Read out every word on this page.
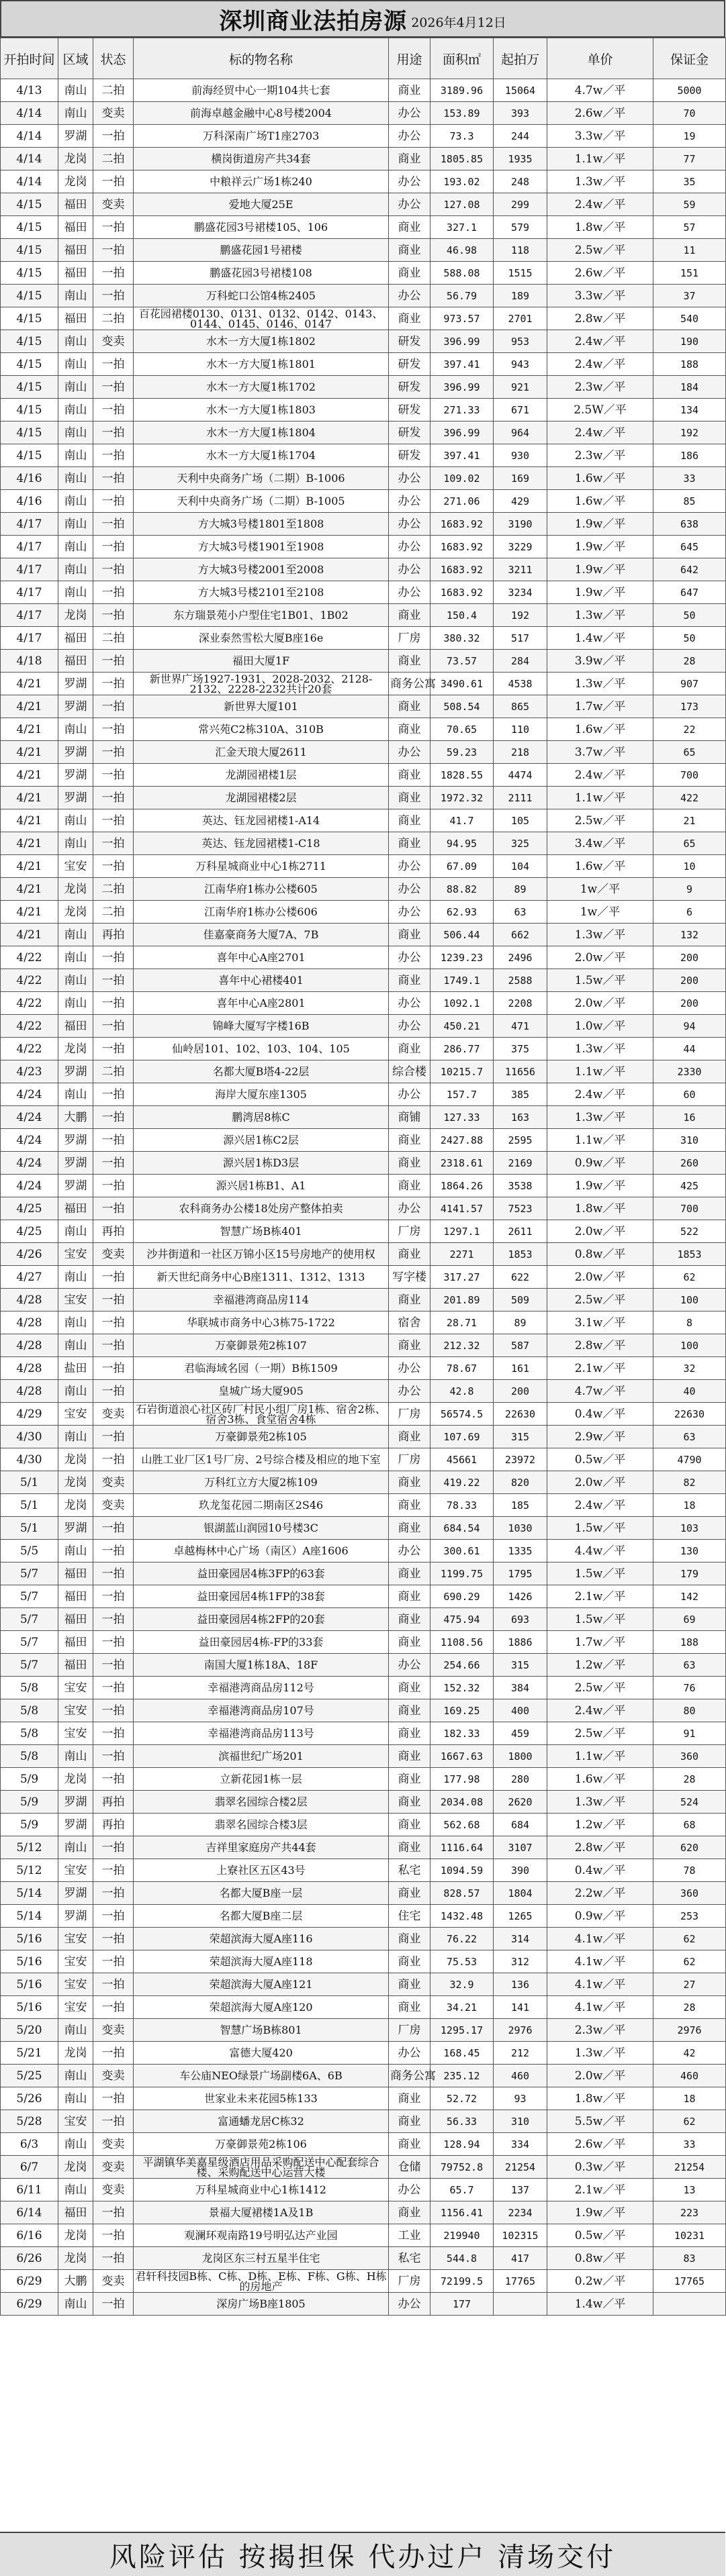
深圳商业法拍房源 2026年4月12日
开拍时间	区域	状态	标的物名称	用途	面积㎡	起拍万	单价	保证金
4/13	南山	二拍	前海经贸中心一期104共七套	商业	3189.96	15064	4.7w／平	5000
4/14	南山	变卖	前海卓越金融中心8号楼2004	办公	153.89	393	2.6w／平	70
4/14	罗湖	一拍	万科深南广场T1座2703	办公	73.3	244	3.3w／平	19
4/14	龙岗	二拍	横岗街道房产共34套	商业	1805.85	1935	1.1w／平	77
4/14	龙岗	一拍	中粮祥云广场1栋240	办公	193.02	248	1.3w／平	35
4/15	福田	变卖	爱地大厦25E	办公	127.08	299	2.4w／平	59
4/15	福田	一拍	鹏盛花园3号裙楼105、106	商业	327.1	579	1.8w／平	57
4/15	福田	一拍	鹏盛花园1号裙楼	商业	46.98	118	2.5w／平	11
4/15	福田	一拍	鹏盛花园3号裙楼108	商业	588.08	1515	2.6w／平	151
4/15	南山	一拍	万科蛇口公馆4栋2405	办公	56.79	189	3.3w／平	37
4/15	福田	二拍	百花园裙楼0130、0131、0132、0142、0143、0144、0145、0146、0147	商业	973.57	2701	2.8w／平	540
4/15	南山	变卖	水木一方大厦1栋1802	研发	396.99	953	2.4w／平	190
4/15	南山	一拍	水木一方大厦1栋1801	研发	397.41	943	2.4w／平	188
4/15	南山	一拍	水木一方大厦1栋1702	研发	396.99	921	2.3w／平	184
4/15	南山	一拍	水木一方大厦1栋1803	研发	271.33	671	2.5W／平	134
4/15	南山	一拍	水木一方大厦1栋1804	研发	396.99	964	2.4w／平	192
4/15	南山	一拍	水木一方大厦1栋1704	研发	397.41	930	2.3w／平	186
4/16	南山	一拍	天利中央商务广场（二期）B-1006	办公	109.02	169	1.6w／平	33
4/16	南山	一拍	天利中央商务广场（二期）B-1005	办公	271.06	429	1.6w／平	85
4/17	南山	一拍	方大城3号楼1801至1808	办公	1683.92	3190	1.9w／平	638
4/17	南山	一拍	方大城3号楼1901至1908	办公	1683.92	3229	1.9w／平	645
4/17	南山	一拍	方大城3号楼2001至2008	办公	1683.92	3211	1.9w／平	642
4/17	南山	一拍	方大城3号楼2101至2108	办公	1683.92	3234	1.9w／平	647
4/17	龙岗	一拍	东方瑞景苑小户型住宅1B01、1B02	商业	150.4	192	1.3w／平	50
4/17	福田	二拍	深业泰然雪松大厦B座16e	厂房	380.32	517	1.4w／平	50
4/18	福田	一拍	福田大厦1F	商业	73.57	284	3.9w／平	28
4/21	罗湖	一拍	新世界广场1927-1931、2028-2032、2128-2132、2228-2232共计20套	商务公寓	3490.61	4538	1.3w／平	907
4/21	罗湖	一拍	新世界大厦101	商业	508.54	865	1.7w／平	173
4/21	南山	一拍	常兴苑C2栋310A、310B	商业	70.65	110	1.6w／平	22
4/21	罗湖	一拍	汇金天琅大厦2611	办公	59.23	218	3.7w／平	65
4/21	罗湖	一拍	龙湖园裙楼1层	商业	1828.55	4474	2.4w／平	700
4/21	罗湖	一拍	龙湖园裙楼2层	商业	1972.32	2111	1.1w／平	422
4/21	南山	一拍	英达、钰龙园裙楼1-A14	商业	41.7	105	2.5w／平	21
4/21	南山	一拍	英达、钰龙园裙楼1-C18	商业	94.95	325	3.4w／平	65
4/21	宝安	一拍	万科星城商业中心1栋2711	办公	67.09	104	1.6w／平	10
4/21	龙岗	二拍	江南华府1栋办公楼605	办公	88.82	89	1w／平	9
4/21	龙岗	二拍	江南华府1栋办公楼606	办公	62.93	63	1w／平	6
4/21	南山	再拍	佳嘉豪商务大厦7A、7B	商业	506.44	662	1.3w／平	132
4/22	南山	一拍	喜年中心A座2701	办公	1239.23	2496	2.0w／平	200
4/22	南山	一拍	喜年中心裙楼401	商业	1749.1	2588	1.5w／平	200
4/22	南山	一拍	喜年中心A座2801	办公	1092.1	2208	2.0w／平	200
4/22	福田	一拍	锦峰大厦写字楼16B	办公	450.21	471	1.0w／平	94
4/22	龙岗	一拍	仙岭居101、102、103、104、105	商业	286.77	375	1.3w／平	44
4/23	罗湖	二拍	名都大厦B塔4-22层	综合楼	10215.7	11656	1.1w／平	2330
4/24	南山	一拍	海岸大厦东座1305	办公	157.7	385	2.4w／平	60
4/24	大鹏	一拍	鹏湾居8栋C	商铺	127.33	163	1.3w／平	16
4/24	罗湖	一拍	源兴居1栋C2层	商业	2427.88	2595	1.1w／平	310
4/24	罗湖	一拍	源兴居1栋D3层	商业	2318.61	2169	0.9w／平	260
4/24	罗湖	一拍	源兴居1栋B1、A1	商业	1864.26	3538	1.9w／平	425
4/25	福田	一拍	农科商务办公楼18处房产整体拍卖	办公	4141.57	7523	1.8w／平	700
4/25	南山	再拍	智慧广场B栋401	厂房	1297.1	2611	2.0w／平	522
4/26	宝安	变卖	沙井街道和一社区万锦小区15号房地产的使用权	商业	2271	1853	0.8w／平	1853
4/27	南山	一拍	新天世纪商务中心B座1311、1312、1313	写字楼	317.27	622	2.0w／平	62
4/28	宝安	一拍	幸福港湾商品房114	商业	201.89	509	2.5w／平	100
4/28	南山	一拍	华联城市商务中心3栋75-1722	宿舍	28.71	89	3.1w／平	8
4/28	南山	一拍	万豪御景苑2栋107	商业	212.32	587	2.8w／平	100
4/28	盐田	一拍	君临海域名园（一期）B栋1509	办公	78.67	161	2.1w／平	32
4/28	南山	一拍	皇城广场大厦905	办公	42.8	200	4.7w／平	40
4/29	宝安	变卖	石岩街道浪心社区砖厂村民小组厂房1栋、宿舍2栋、宿舍3栋、食堂宿舍4栋	厂房	56574.5	22630	0.4w／平	22630
4/30	南山	一拍	万豪御景苑2栋105	商业	107.69	315	2.9w／平	63
4/30	龙岗	一拍	山胜工业厂区1号厂房、2号综合楼及相应的地下室	厂房	45661	23972	0.5w／平	4790
5/1	龙岗	变卖	万科红立方大厦2栋109	商业	419.22	820	2.0w／平	82
5/1	龙岗	变卖	玖龙玺花园二期南区2S46	商业	78.33	185	2.4w／平	18
5/1	罗湖	一拍	银湖蓝山润园10号楼3C	商业	684.54	1030	1.5w／平	103
5/5	南山	一拍	卓越梅林中心广场（南区）A座1606	办公	300.61	1335	4.4w／平	130
5/7	福田	一拍	益田豪园居4栋3FP的63套	商业	1199.75	1795	1.5w／平	179
5/7	福田	一拍	益田豪园居4栋1FP的38套	商业	690.29	1426	2.1w／平	142
5/7	福田	一拍	益田豪园居4栋2FP的20套	商业	475.94	693	1.5w／平	69
5/7	福田	一拍	益田豪园居4栋-FP的33套	商业	1108.56	1886	1.7w／平	188
5/7	福田	一拍	南国大厦1栋18A、18F	办公	254.66	315	1.2w／平	63
5/8	宝安	一拍	幸福港湾商品房112号	商业	152.32	384	2.5w／平	76
5/8	宝安	一拍	幸福港湾商品房107号	商业	169.25	400	2.4w／平	80
5/8	宝安	一拍	幸福港湾商品房113号	商业	182.33	459	2.5w／平	91
5/8	南山	一拍	滨福世纪广场201	商业	1667.63	1800	1.1w／平	360
5/9	龙岗	一拍	立新花园1栋一层	商业	177.98	280	1.6w／平	28
5/9	罗湖	再拍	翡翠名园综合楼2层	商业	2034.08	2620	1.3w／平	524
5/9	罗湖	再拍	翡翠名园综合楼3层	商业	562.68	684	1.2w／平	68
5/12	南山	一拍	吉祥里家庭房产共44套	商业	1116.64	3107	2.8w／平	620
5/12	宝安	一拍	上寮社区五区43号	私宅	1094.59	390	0.4w／平	78
5/14	罗湖	一拍	名都大厦B座一层	商业	828.57	1804	2.2w／平	360
5/14	罗湖	一拍	名都大厦B座二层	住宅	1432.48	1265	0.9w／平	253
5/16	宝安	一拍	荣超滨海大厦A座116	商业	76.22	314	4.1w／平	62
5/16	宝安	一拍	荣超滨海大厦A座118	商业	75.53	312	4.1w／平	62
5/16	宝安	一拍	荣超滨海大厦A座121	商业	32.9	136	4.1w／平	27
5/16	宝安	一拍	荣超滨海大厦A座120	商业	34.21	141	4.1w／平	28
5/20	南山	变卖	智慧广场B栋801	厂房	1295.17	2976	2.3w／平	2976
5/21	龙岗	一拍	富德大厦420	办公	168.45	212	1.3w／平	42
5/25	南山	变卖	车公庙NEO绿景广场副楼6A、6B	商务公寓	235.12	460	2.0w／平	460
5/26	南山	一拍	世家业未来花园5栋133	商业	52.72	93	1.8w／平	18
5/28	宝安	一拍	富通蟠龙居C栋32	商业	56.33	310	5.5w／平	62
6/3	南山	变卖	万豪御景苑2栋106	商业	128.94	334	2.6w／平	33
6/7	龙岗	变卖	平湖镇华美嘉星级酒店用品采购配送中心配套综合楼、采购配送中心运营大楼	仓储	79752.8	21254	0.3w／平	21254
6/11	南山	变卖	万科星城商业中心1栋1412	办公	65.7	137	2.1w／平	13
6/14	福田	一拍	景福大厦裙楼1A及1B	商业	1156.41	2234	1.9w／平	223
6/16	龙岗	一拍	观澜环观南路19号明弘达产业园	工业	219940	102315	0.5w／平	10231
6/26	龙岗	一拍	龙岗区东三村五星半住宅	私宅	544.8	417	0.8w／平	83
6/29	大鹏	变卖	君轩科技园B栋、C栋、D栋、E栋、F栋、G栋、H栋的房地产	厂房	72199.5	17765	0.2w／平	17765
6/29	南山	一拍	深房广场B座1805	办公	177		1.4w／平	
风险评估 按揭担保 代办过户 清场交付
